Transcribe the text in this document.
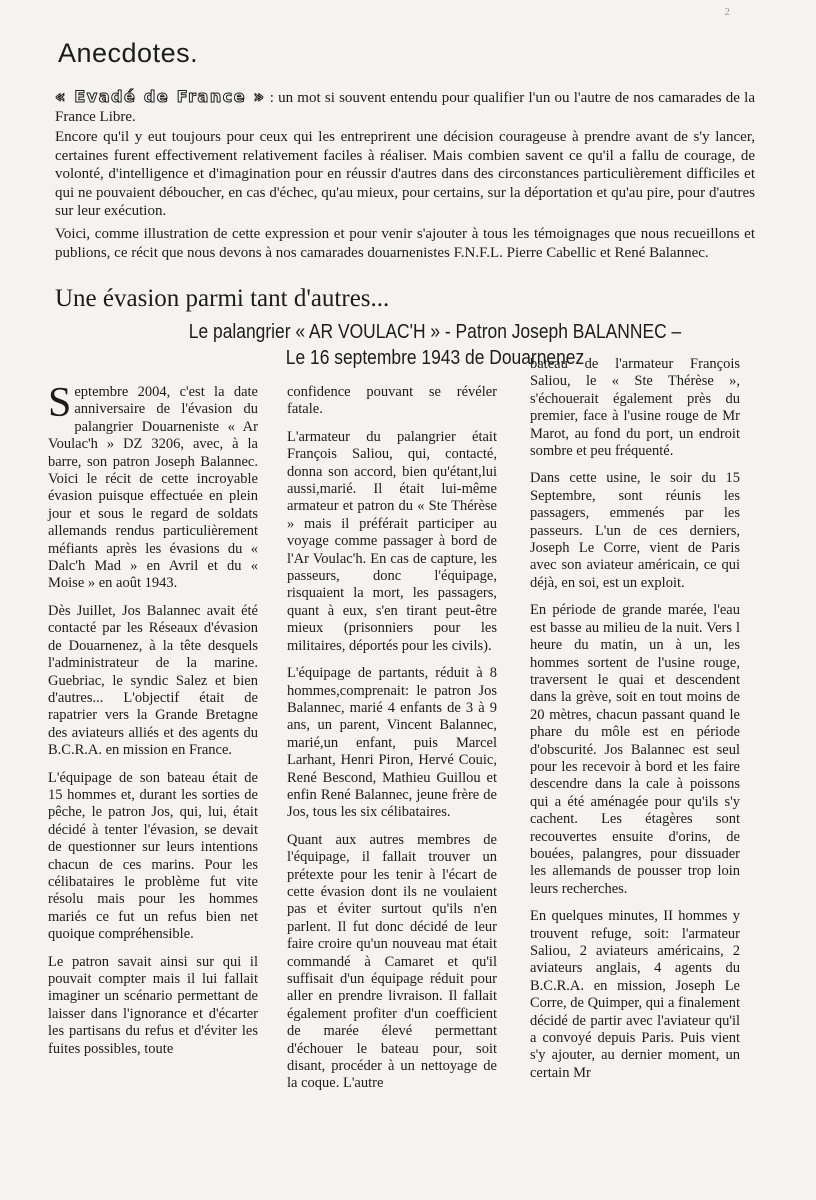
2
Anecdotes.

« Evadé de France » : un mot si souvent entendu pour qualifier l'un ou l'autre de nos camarades de la France Libre.

Encore qu'il y eut toujours pour ceux qui les entreprirent une décision courageuse à prendre avant de s'y lancer, certaines furent effectivement relativement faciles à réaliser. Mais combien savent ce qu'il a fallu de courage, de volonté, d'intelligence et d'imagination pour en réussir d'autres dans des circonstances particulièrement difficiles et qui ne pouvaient déboucher, en cas d'échec, qu'au mieux, pour certains, sur la déportation et qu'au pire, pour d'autres sur leur exécution.

Voici, comme illustration de cette expression et pour venir s'ajouter à tous les témoignages que nous recueillons et publions, ce récit que nous devons à nos camarades douarnenistes F.N.F.L. Pierre Cabellic et René Balannec.

Une évasion parmi tant d'autres...

Le palangrier « AR VOULAC'H » - Patron Joseph BALANNEC –

Le 16 septembre 1943 de Douarnenez

Septembre 2004, c'est la date anniversaire de l'évasion du palangrier Douarneniste « Ar Voulac'h » DZ 3206, avec, à la barre, son patron Joseph Balannec. Voici le récit de cette incroyable évasion puisque effectuée en plein jour et sous le regard de soldats allemands rendus particulièrement méfiants après les évasions du « Dalc'h Mad » en Avril et du « Moise » en août 1943.

Dès Juillet, Jos Balannec avait été contacté par les Réseaux d'évasion de Douarnenez, à la tête desquels l'administrateur de la marine. Guebriac, le syndic Salez et bien d'autres... L'objectif était de rapatrier vers la Grande Bretagne des aviateurs alliés et des agents du B.C.R.A. en mission en France.

L'équipage de son bateau était de 15 hommes et, durant les sorties de pêche, le patron Jos, qui, lui, était décidé à tenter l'évasion, se devait de questionner sur leurs intentions chacun de ces marins. Pour les célibataires le problème fut vite résolu mais pour les hommes mariés ce fut un refus bien net quoique compréhensible.

Le patron savait ainsi sur qui il pouvait compter mais il lui fallait imaginer un scénario permettant de laisser dans l'ignorance et d'écarter les partisans du refus et d'éviter les fuites possibles, toute

confidence pouvant se révéler fatale.

L'armateur du palangrier était François Saliou, qui, contacté, donna son accord, bien qu'étant,lui aussi,marié. Il était lui-même armateur et patron du « Ste Thérèse » mais il préférait participer au voyage comme passager à bord de l'Ar Voulac'h. En cas de capture, les passeurs, donc l'équipage, risquaient la mort, les passagers, quant à eux, s'en tirant peut-être mieux (prisonniers pour les militaires, déportés pour les civils).

L'équipage de partants, réduit à 8 hommes,comprenait: le patron Jos Balannec, marié 4 enfants de 3 à 9 ans, un parent, Vincent Balannec, marié,un enfant, puis Marcel Larhant, Henri Piron, Hervé Couic, René Bescond, Mathieu Guillou et enfin René Balannec, jeune frère de Jos, tous les six célibataires.

Quant aux autres membres de l'équipage, il fallait trouver un prétexte pour les tenir à l'écart de cette évasion dont ils ne voulaient pas et éviter surtout qu'ils n'en parlent. Il fut donc décidé de leur faire croire qu'un nouveau mat était commandé à Camaret et qu'il suffisait d'un équipage réduit pour aller en prendre livraison. Il fallait également profiter d'un coefficient de marée élevé permettant d'échouer le bateau pour, soit disant, procéder à un nettoyage de la coque. L'autre

bateau de l'armateur François Saliou, le « Ste Thérèse », s'échouerait également près du premier, face à l'usine rouge de Mr Marot, au fond du port, un endroit sombre et peu fréquenté.

Dans cette usine, le soir du 15 Septembre, sont réunis les passagers, emmenés par les passeurs. L'un de ces derniers, Joseph Le Corre, vient de Paris avec son aviateur américain, ce qui déjà, en soi, est un exploit.

En période de grande marée, l'eau est basse au milieu de la nuit. Vers l heure du matin, un à un, les hommes sortent de l'usine rouge, traversent le quai et descendent dans la grève, soit en tout moins de 20 mètres, chacun passant quand le phare du môle est en période d'obscurité. Jos Balannec est seul pour les recevoir à bord et les faire descendre dans la cale à poissons qui a été aménagée pour qu'ils s'y cachent. Les étagères sont recouvertes ensuite d'orins, de bouées, palangres, pour dissuader les allemands de pousser trop loin leurs recherches.

En quelques minutes, II hommes y trouvent refuge, soit: l'armateur Saliou, 2 aviateurs américains, 2 aviateurs anglais, 4 agents du B.C.R.A. en mission, Joseph Le Corre, de Quimper, qui a finalement décidé de partir avec l'aviateur qu'il a convoyé depuis Paris. Puis vient s'y ajouter, au dernier moment, un certain Mr
